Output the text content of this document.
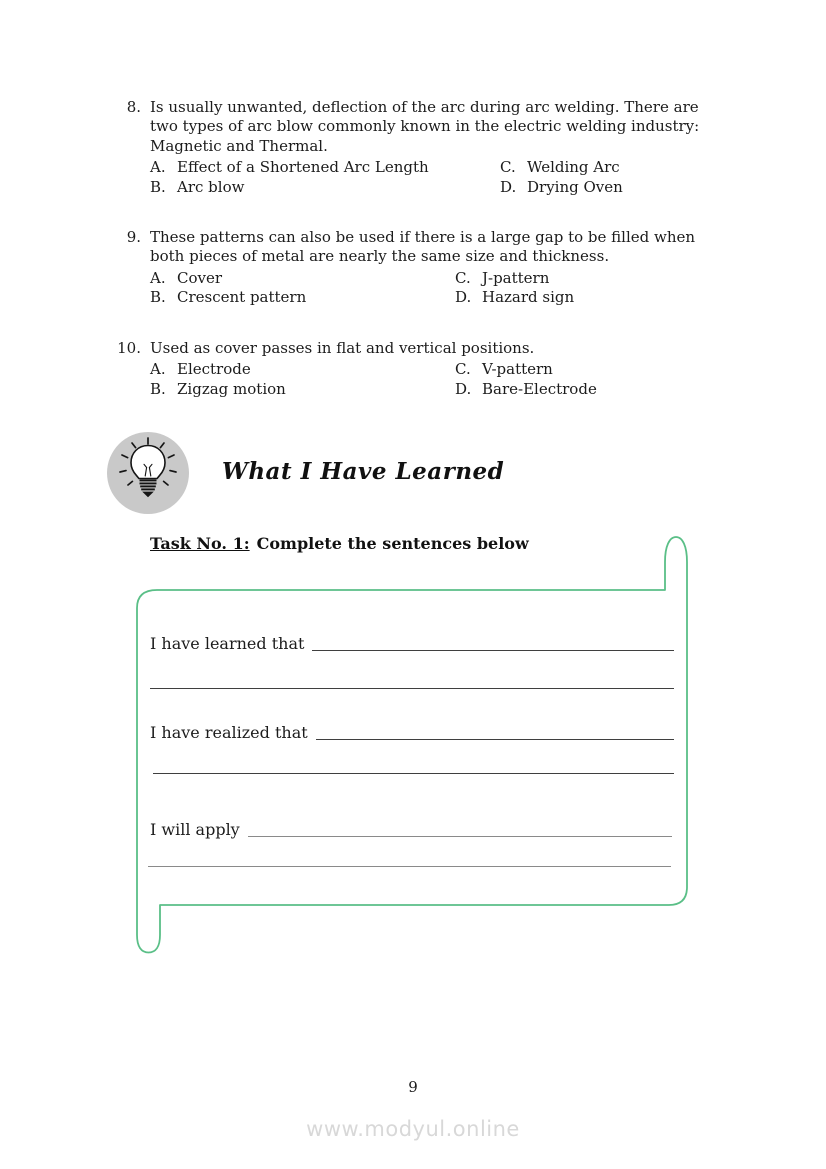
8. Is usually unwanted, deflection of the arc during arc welding. There are
two types of arc blow commonly known in the electric welding industry:
Magnetic and Thermal.
A. Effect of a Shortened Arc Length	C. Welding Arc
B. Arc blow	D. Drying Oven
9. These patterns can also be used if there is a large gap to be filled when
both pieces of metal are nearly the same size and thickness.
A. Cover	C. J-pattern
B. Crescent pattern	D. Hazard sign
10. Used as cover passes in flat and vertical positions.
A. Electrode	C. V-pattern
B. Zigzag motion	D. Bare-Electrode
What I Have Learned
Task No. 1: Complete the sentences below
I have learned that
I have realized that
I will apply
9
www.modyul.online
